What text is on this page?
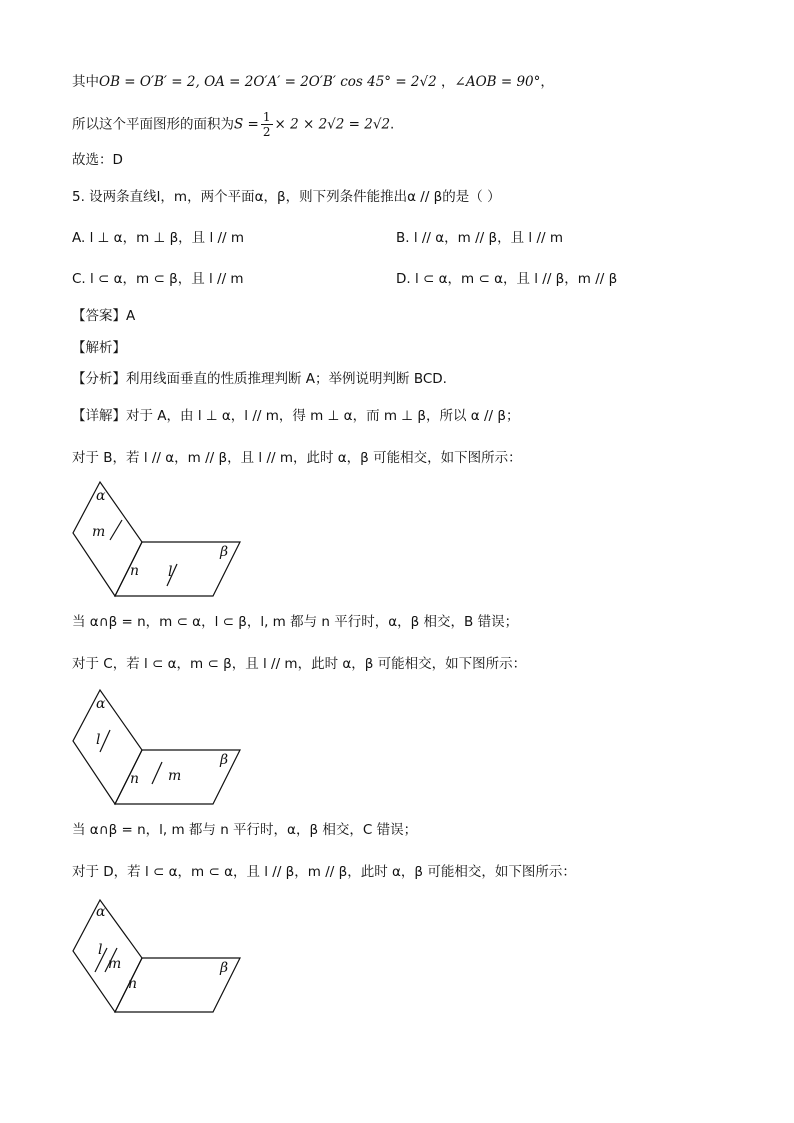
其中OB = O′B′ = 2, OA = 2O′A′ = 2O′B′ cos 45° = 2√2 ，∠AOB = 90°，
所以这个平面图形的面积为$S = \frac{1}{2} \times 2 \times 2√2 = 2√2$.
故选：D
5. 设两条直线l，m，两个平面α，β，则下列条件能推出α // β的是（ ）
A. l ⊥ α，m ⊥ β，且 l // m	B. l // α，m // β，且 l // m
C. l ⊂ α，m ⊂ β，且 l // m	D. l ⊂ α，m ⊂ α，且 l // β，m // β
【答案】A
【解析】
【分析】利用线面垂直的性质推理判断 A；举例说明判断 BCD.
【详解】对于 A，由 l ⊥ α，l // m，得 m ⊥ α，而 m ⊥ β，所以 α // β；
对于 B，若 l // α，m // β，且 l // m，此时 α，β 可能相交，如下图所示：
α
m
β
n l
当 α∩β = n，m ⊂ α，l ⊂ β，l, m 都与 n 平行时，α，β 相交，B 错误；
对于 C，若 l ⊂ α，m ⊂ β，且 l // m，此时 α，β 可能相交，如下图所示：
α
l
β
n m
当 α∩β = n，l, m 都与 n 平行时，α，β 相交，C 错误；
对于 D，若 l ⊂ α，m ⊂ α，且 l // β，m // β，此时 α，β 可能相交，如下图所示：
α
l
m	β
n
